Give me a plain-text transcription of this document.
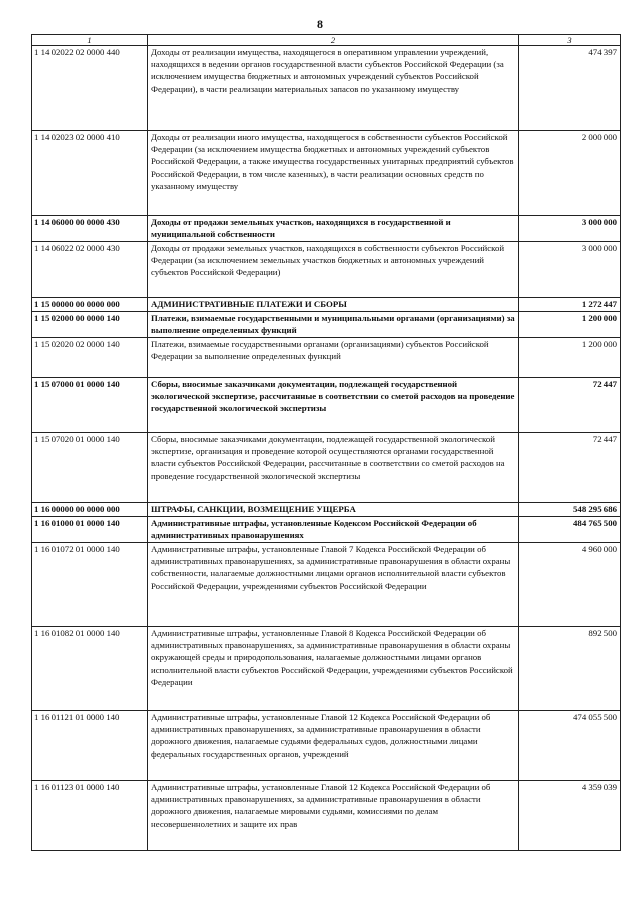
8
1	2	3
1 14 02022 02 0000 440	Доходы от реализации имущества, находящегося в оперативном управлении учреждений, находящихся в ведении органов государственной власти субъектов Российской Федерации (за исключением имущества бюджетных и автономных учреждений субъектов Российской Федерации), в части реализации материальных запасов по указанному имуществу	474 397
1 14 02023 02 0000 410	Доходы от реализации иного имущества, находящегося в собственности субъектов Российской Федерации (за исключением имущества бюджетных и автономных учреждений субъектов Российской Федерации, а также имущества государственных унитарных предприятий субъектов Российской Федерации, в том числе казенных), в части реализации основных средств по указанному имуществу	2 000 000
1 14 06000 00 0000 430	Доходы от продажи земельных участков, находящихся в государственной и муниципальной собственности	3 000 000
1 14 06022 02 0000 430	Доходы от продажи земельных участков, находящихся в собственности субъектов Российской Федерации (за исключением земельных участков бюджетных и автономных учреждений субъектов Российской Федерации)	3 000 000
1 15 00000 00 0000 000	АДМИНИСТРАТИВНЫЕ ПЛАТЕЖИ И СБОРЫ	1 272 447
1 15 02000 00 0000 140	Платежи, взимаемые государственными и муниципальными органами (организациями) за выполнение определенных функций	1 200 000
1 15 02020 02 0000 140	Платежи, взимаемые государственными органами (организациями) субъектов Российской Федерации за выполнение определенных функций	1 200 000
1 15 07000 01 0000 140	Сборы, вносимые заказчиками документации, подлежащей государственной экологической экспертизе, рассчитанные в соответствии со сметой расходов на проведение государственной экологической экспертизы	72 447
1 15 07020 01 0000 140	Сборы, вносимые заказчиками документации, подлежащей государственной экологической экспертизе, организация и проведение которой осуществляются органами государственной власти субъектов Российской Федерации, рассчитанные в соответствии со сметой расходов на проведение государственной экологической экспертизы	72 447
1 16 00000 00 0000 000	ШТРАФЫ, САНКЦИИ, ВОЗМЕЩЕНИЕ УЩЕРБА	548 295 686
1 16 01000 01 0000 140	Административные штрафы, установленные Кодексом Российской Федерации об административных правонарушениях	484 765 500
1 16 01072 01 0000 140	Административные штрафы, установленные Главой 7 Кодекса Российской Федерации об административных правонарушениях, за административные правонарушения в области охраны собственности, налагаемые должностными лицами органов исполнительной власти субъектов Российской Федерации, учреждениями субъектов Российской Федерации	4 960 000
1 16 01082 01 0000 140	Административные штрафы, установленные Главой 8 Кодекса Российской Федерации об административных правонарушениях, за административные правонарушения в области охраны окружающей среды и природопользования, налагаемые должностными лицами органов исполнительной власти субъектов Российской Федерации, учреждениями субъектов Российской Федерации	892 500
1 16 01121 01 0000 140	Административные штрафы, установленные Главой 12 Кодекса Российской Федерации об административных правонарушениях, за административные правонарушения в области дорожного движения, налагаемые судьями федеральных судов, должностными лицами федеральных государственных органов, учреждений	474 055 500
1 16 01123 01 0000 140	Административные штрафы, установленные Главой 12 Кодекса Российской Федерации об административных правонарушениях, за административные правонарушения в области дорожного движения, налагаемые мировыми судьями, комиссиями по делам несовершеннолетних и защите их прав	4 359 039
